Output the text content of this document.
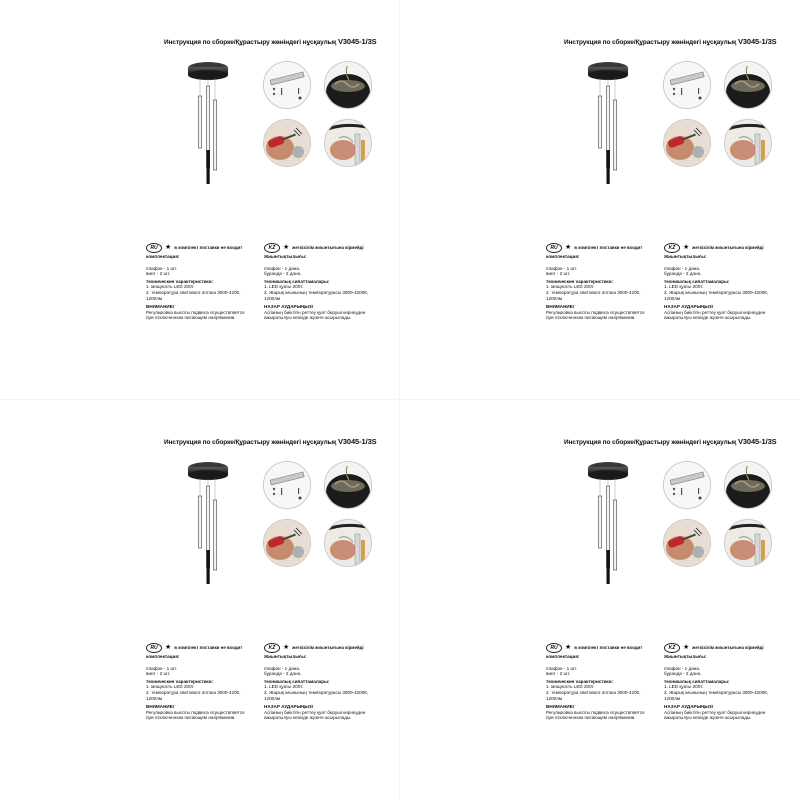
Инструкция по сборке/Құрастыру жөніндегі нұсқаулық V3045-1/3S
RU	★ в комплект поставки не входит
комплектация:
плафон - 1 шт.
винт - 2 шт.
технические характеристики:
1. мощность LED 200т.
2. температура светового потока 3000-4200,
1200лм
ВНИМАНИЕ!
Регулировка высоты подвеса осуществляется
при отключенном питающем напряжении.
KZ	★ жеткізілім жиынтығына кірмейді
Жиынтықтылығы:
плафон - 1 дана.
бұрандa - 2 дана.
техникалық сипаттамалары:
1. LED қуаты 200т.
2. Жарық ағынының температурасы 3000-4200К,
1200лм
НАЗАР АУДАРЫҢЫЗ!
Аспаның биіктігін реттеу қуат беруші кернеуден
ажыратылуы кезінде жүзеге асырылады.
Инструкция по сборке/Құрастыру жөніндегі нұсқаулық V3045-1/3S
RU	★ в комплект поставки не входит
комплектация:
плафон - 1 шт.
винт - 2 шт.
технические характеристики:
1. мощность LED 200т.
2. температура светового потока 3000-4200,
1200лм
ВНИМАНИЕ!
Регулировка высоты подвеса осуществляется
при отключенном питающем напряжении.
KZ	★ жеткізілім жиынтығына кірмейді
Жиынтықтылығы:
плафон - 1 дана.
бұрандa - 2 дана.
техникалық сипаттамалары:
1. LED қуаты 200т.
2. Жарық ағынының температурасы 3000-4200К,
1200лм
НАЗАР АУДАРЫҢЫЗ!
Аспаның биіктігін реттеу қуат беруші кернеуден
ажыратылуы кезінде жүзеге асырылады.
Инструкция по сборке/Құрастыру жөніндегі нұсқаулық V3045-1/3S
RU	★ в комплект поставки не входит
комплектация:
плафон - 1 шт.
винт - 2 шт.
технические характеристики:
1. мощность LED 200т.
2. температура светового потока 3000-4200,
1200лм
ВНИМАНИЕ!
Регулировка высоты подвеса осуществляется
при отключенном питающем напряжении.
KZ	★ жеткізілім жиынтығына кірмейді
Жиынтықтылығы:
плафон - 1 дана.
бұрандa - 2 дана.
техникалық сипаттамалары:
1. LED қуаты 200т.
2. Жарық ағынының температурасы 3000-4200К,
1200лм
НАЗАР АУДАРЫҢЫЗ!
Аспаның биіктігін реттеу қуат беруші кернеуден
ажыратылуы кезінде жүзеге асырылады.
Инструкция по сборке/Құрастыру жөніндегі нұсқаулық V3045-1/3S
RU	★ в комплект поставки не входит
комплектация:
плафон - 1 шт.
винт - 2 шт.
технические характеристики:
1. мощность LED 200т.
2. температура светового потока 3000-4200,
1200лм
ВНИМАНИЕ!
Регулировка высоты подвеса осуществляется
при отключенном питающем напряжении.
KZ	★ жеткізілім жиынтығына кірмейді
Жиынтықтылығы:
плафон - 1 дана.
бұрандa - 2 дана.
техникалық сипаттамалары:
1. LED қуаты 200т.
2. Жарық ағынының температурасы 3000-4200К,
1200лм
НАЗАР АУДАРЫҢЫЗ!
Аспаның биіктігін реттеу қуат беруші кернеуден
ажыратылуы кезінде жүзеге асырылады.
